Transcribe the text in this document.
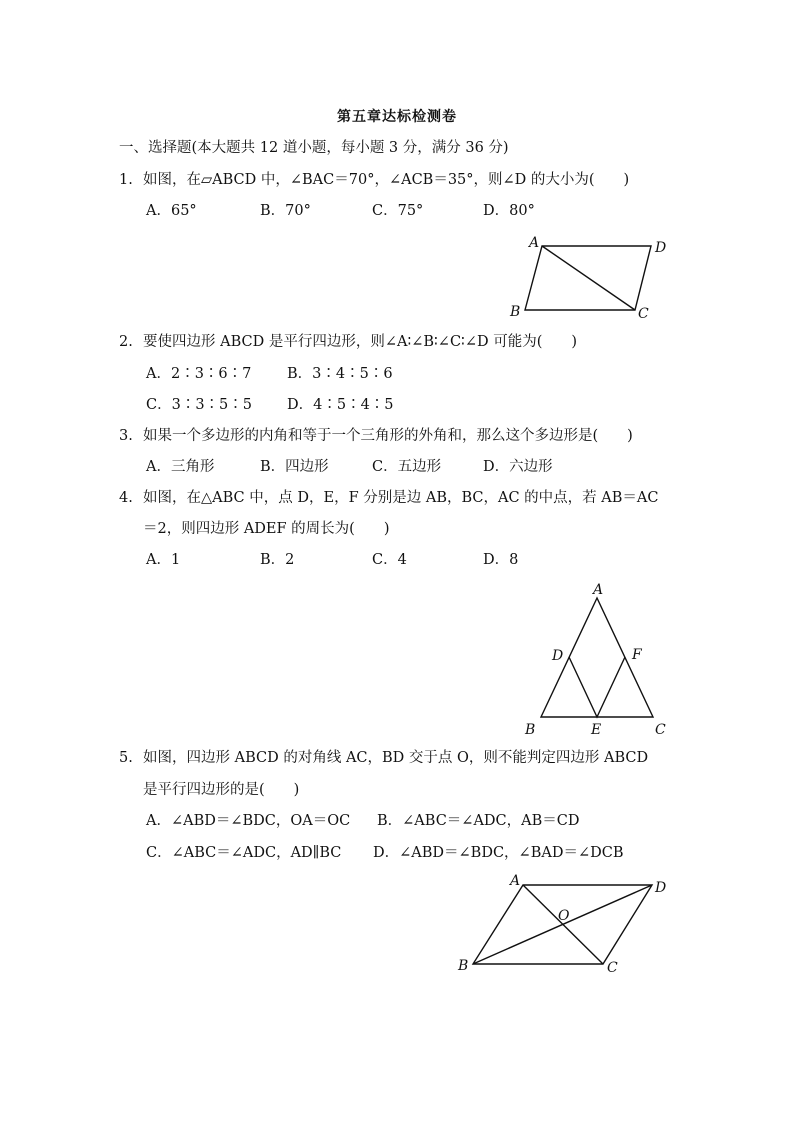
第五章达标检测卷
一、选择题(本大题共 12 道小题，每小题 3 分，满分 36 分)
1. 如图，在▱ABCD 中，∠BAC＝70°，∠ACB＝35°，则∠D 的大小为(　　)
A．65°	B．70°	C．75°	D．80°
A	D
B	C
2. 要使四边形 ABCD 是平行四边形，则∠A∶∠B∶∠C∶∠D 可能为(　　)
A．2∶3∶6∶7 B．3∶4∶5∶6
C．3∶3∶5∶5 D．4∶5∶4∶5
3. 如果一个多边形的内角和等于一个三角形的外角和，那么这个多边形是(　　)
A．三角形	B．四边形	C．五边形	D．六边形
4. 如图，在△ABC 中，点 D，E，F 分别是边 AB，BC，AC 的中点，若 AB＝AC
＝2，则四边形 ADEF 的周长为(　　)
A．1	B．2	C．4	D．8
A
D	F
B	E	C
5. 如图，四边形 ABCD 的对角线 AC，BD 交于点 O，则不能判定四边形 ABCD
是平行四边形的是(　　)
A．∠ABD＝∠BDC，OA＝OC B．∠ABC＝∠ADC，AB＝CD
C．∠ABC＝∠ADC，AD∥BC D．∠ABD＝∠BDC，∠BAD＝∠DCB
A	D
O
B	C
